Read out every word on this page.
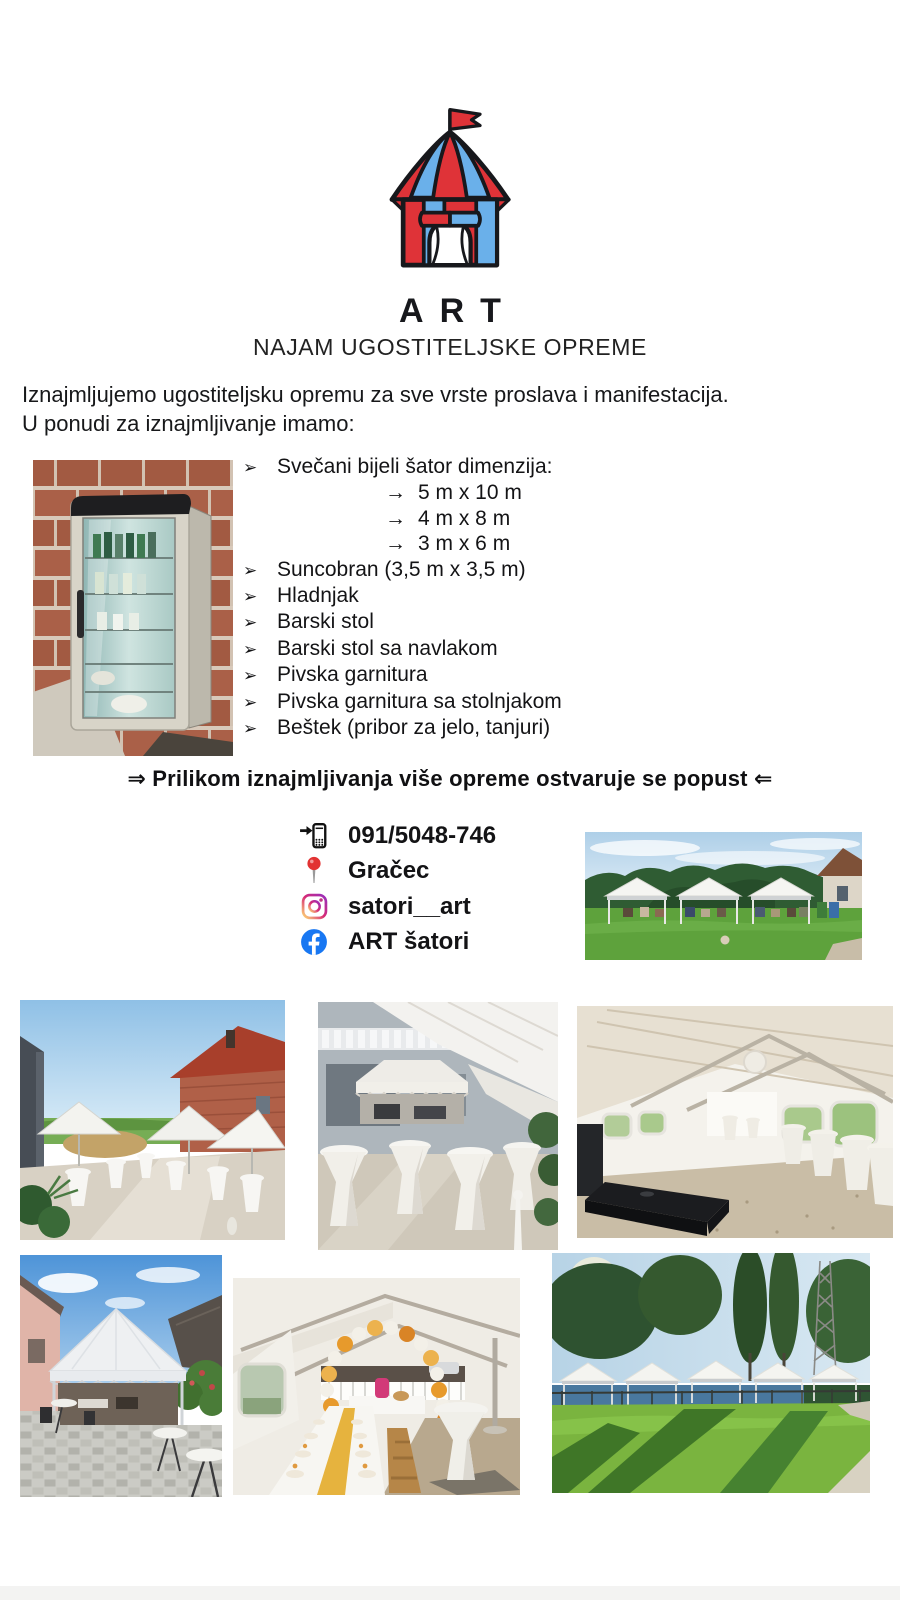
ART
NAJAM UGOSTITELJSKE OPREME
Iznajmljujemo ugostiteljsku opremu za sve vrste proslava i manifestacija.
U ponudi za iznajmljivanje imamo:
➢ Svečani bijeli šator dimenzija:
→ 5 m x 10 m
→ 4 m x 8 m
→ 3 m x 6 m
➢ Suncobran (3,5 m x 3,5 m)
➢ Hladnjak
➢ Barski stol
➢ Barski stol sa navlakom
➢ Pivska garnitura
➢ Pivska garnitura sa stolnjakom
➢ Beštek (pribor za jelo, tanjuri)
⇒ Prilikom iznajmljivanja više opreme ostvaruje se popust ⇐
091/5048-746
Gračec
satori__art
ART šatori
